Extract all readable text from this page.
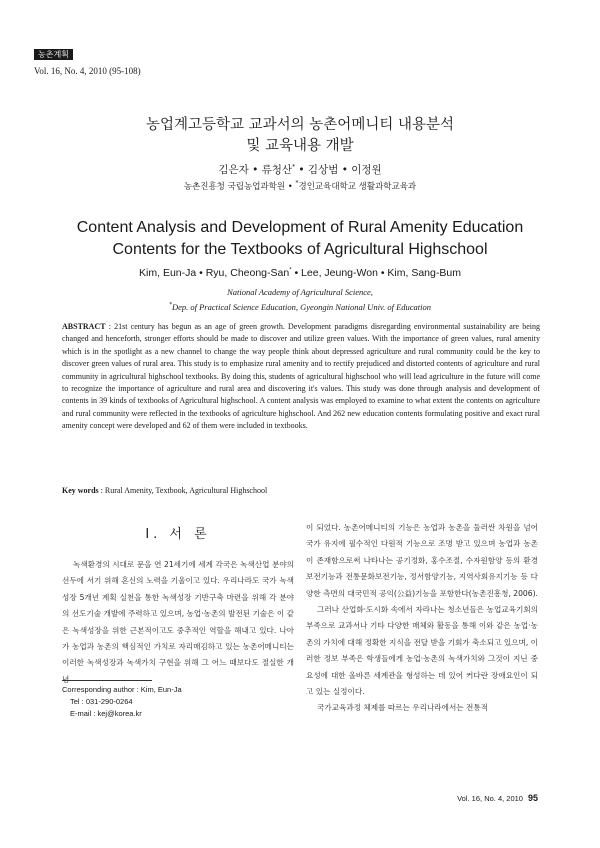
농촌계획
Vol. 16, No. 4, 2010 (95-108)
농업계고등학교 교과서의 농촌어메니티 내용분석
및 교육내용 개발
김은자 • 류청산* • 김상범 • 이정원
농촌진흥청 국립농업과학원 • *경인교육대학교 생활과학교육과
Content Analysis and Development of Rural Amenity Education
Contents for the Textbooks of Agricultural Highschool
Kim, Eun-Ja • Ryu, Cheong-San* • Lee, Jeung-Won • Kim, Sang-Bum
National Academy of Agricultural Science,
*Dep. of Practical Science Education, Gyeongin National Univ. of Education

ABSTRACT : 21st century has begun as an age of green growth. Development paradigms disregarding environmental sustainability are being changed and henceforth, stronger efforts should be made to discover and utilize green values. With the importance of green values, rural amenity which is in the spotlight as a new channel to change the way people think about depressed agriculture and rural community could be the key to discover green values of rural area. This study is to emphasize rural amenity and to rectify prejudiced and distorted contents of agriculture and rural community in agricultural highschool textbooks. By doing this, students of agricultural highschool who will lead agriculture in the future will come to recognize the importance of agriculture and rural area and discovering it's values. This study was done through analysis and development of contents in 39 kinds of textbooks of Agricultural highschool. A content analysis was employed to examine to what extent the contents on agriculture and rural community were reflected in the textbooks of agriculture highschool. And 262 new education contents formulating positive and exact rural amenity concept were developed and 62 of them were included in textbooks.

Key words : Rural Amenity, Textbook, Agricultural Highschool

I. 서 론

녹색환경의 시대로 문을 연 21세기에 세계 각국은 녹색산업 분야의 선두에 서기 위해 혼신의 노력을 기울이고 있다. 우리나라도 국가 녹색성장 5개년 계획 실천을 통한 녹색성장 기반구축 마련을 위해 각 분야의 선도기술 개발에 주력하고 있으며, 농업·농촌의 발전된 기술은 이 같은 녹색성장을 위한 근본적이고도 중추적인 역할을 해내고 있다. 나아가 농업과 농촌의 핵심적인 가치로 자리매김하고 있는 농촌어메니티는 이러한 녹색성장과 녹색가치 구현을 위해 그 어느 때보다도 절실한 개념

이 되었다. 농촌어메니티의 기능은 농업과 농촌을 둘러싼 차원을 넘어 국가 유지에 필수적인 다원적 기능으로 조명 받고 있으며 농업과 농촌이 존재함으로써 나타나는 공기정화, 홍수조절, 수자원함양 등의 환경보전기능과 전통문화보전기능, 정서함양기능, 지역사회유지기능 등 다양한 측면의 대국민적 공익(公益)기능을 포함한다(농촌진흥청, 2006).

그러나 산업화·도시화 속에서 자라나는 청소년들은 농업교육기회의 부족으로 교과서나 기타 다양한 매체와 활동을 통해 이와 같은 농업·농촌의 가치에 대해 정확한 지식을 전달 받을 기회가 축소되고 있으며, 이러한 정보 부족은 학생들에게 농업·농촌의 녹색가치와 그것이 지닌 중요성에 대한 올바른 세계관을 형성하는 데 있어 커다란 장애요인이 되고 있는 실정이다.

국가교육과정 체제를 따르는 우리나라에서는 전통적

Corresponding author : Kim, Eun-Ja
Tel : 031-290-0264
E-mail : kej@korea.kr
Vol. 16, No. 4, 2010 95
